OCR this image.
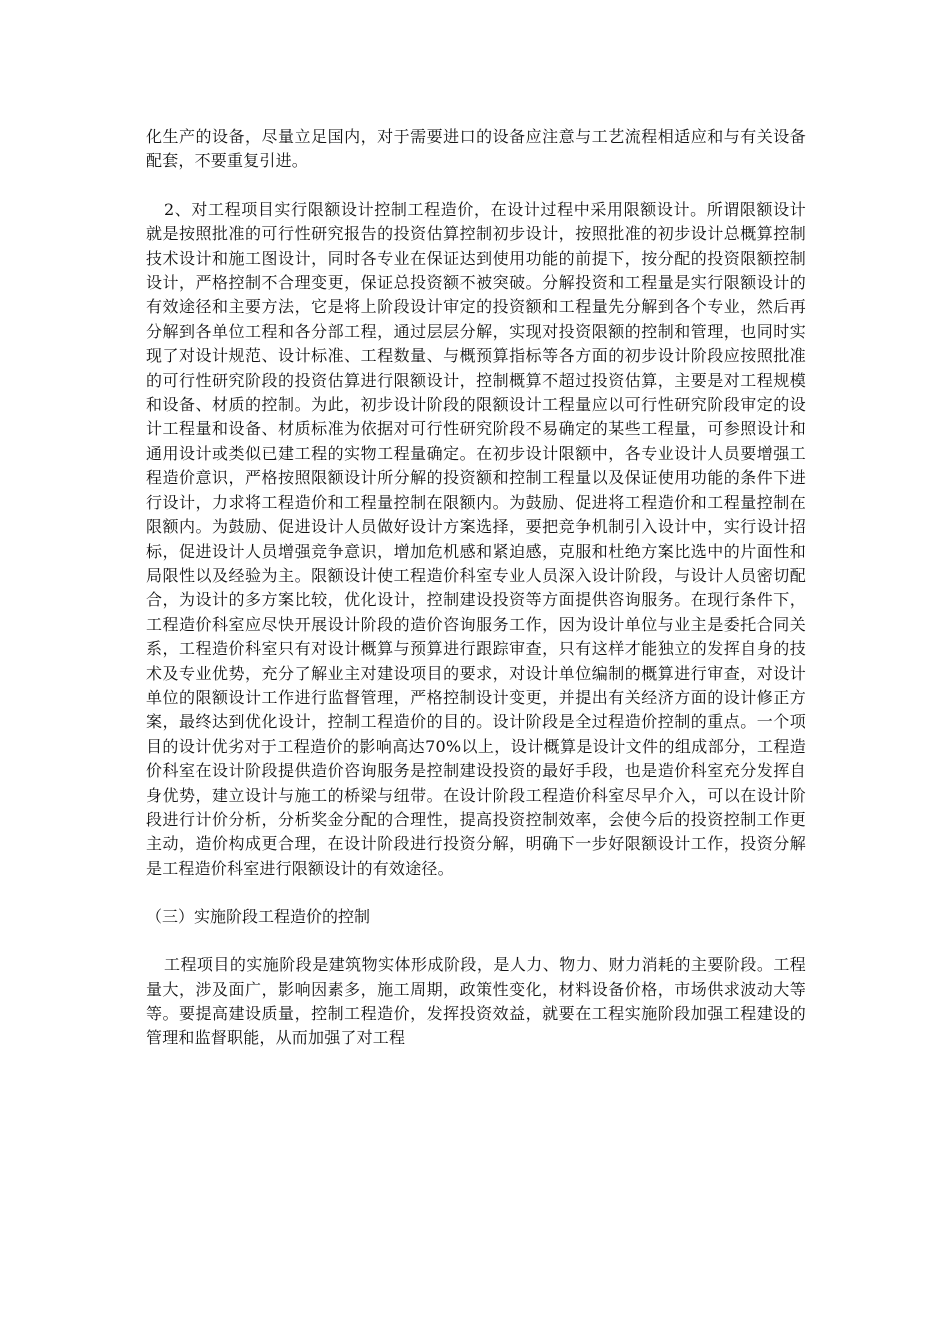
化生产的设备，尽量立足国内，对于需要进口的设备应注意与工艺流程相适应和与有关设备配套，不要重复引进。

2、对工程项目实行限额设计控制工程造价，在设计过程中采用限额设计。所谓限额设计就是按照批准的可行性研究报告的投资估算控制初步设计，按照批准的初步设计总概算控制技术设计和施工图设计，同时各专业在保证达到使用功能的前提下，按分配的投资限额控制设计，严格控制不合理变更，保证总投资额不被突破。分解投资和工程量是实行限额设计的有效途径和主要方法，它是将上阶段设计审定的投资额和工程量先分解到各个专业，然后再分解到各单位工程和各分部工程，通过层层分解，实现对投资限额的控制和管理，也同时实现了对设计规范、设计标准、工程数量、与概预算指标等各方面的初步设计阶段应按照批准的可行性研究阶段的投资估算进行限额设计，控制概算不超过投资估算，主要是对工程规模和设备、材质的控制。为此，初步设计阶段的限额设计工程量应以可行性研究阶段审定的设计工程量和设备、材质标准为依据对可行性研究阶段不易确定的某些工程量，可参照设计和通用设计或类似已建工程的实物工程量确定。在初步设计限额中，各专业设计人员要增强工程造价意识，严格按照限额设计所分解的投资额和控制工程量以及保证使用功能的条件下进行设计，力求将工程造价和工程量控制在限额内。为鼓励、促进将工程造价和工程量控制在限额内。为鼓励、促进设计人员做好设计方案选择，要把竞争机制引入设计中，实行设计招标，促进设计人员增强竞争意识，增加危机感和紧迫感，克服和杜绝方案比选中的片面性和局限性以及经验为主。限额设计使工程造价科室专业人员深入设计阶段，与设计人员密切配合，为设计的多方案比较，优化设计，控制建设投资等方面提供咨询服务。在现行条件下，工程造价科室应尽快开展设计阶段的造价咨询服务工作，因为设计单位与业主是委托合同关系，工程造价科室只有对设计概算与预算进行跟踪审查，只有这样才能独立的发挥自身的技术及专业优势，充分了解业主对建设项目的要求，对设计单位编制的概算进行审查，对设计单位的限额设计工作进行监督管理，严格控制设计变更，并提出有关经济方面的设计修正方案，最终达到优化设计，控制工程造价的目的。设计阶段是全过程造价控制的重点。一个项目的设计优劣对于工程造价的影响高达70%以上，设计概算是设计文件的组成部分，工程造价科室在设计阶段提供造价咨询服务是控制建设投资的最好手段，也是造价科室充分发挥自身优势，建立设计与施工的桥梁与纽带。在设计阶段工程造价科室尽早介入，可以在设计阶段进行计价分析，分析奖金分配的合理性，提高投资控制效率，会使今后的投资控制工作更主动，造价构成更合理，在设计阶段进行投资分解，明确下一步好限额设计工作，投资分解是工程造价科室进行限额设计的有效途径。

（三）实施阶段工程造价的控制

工程项目的实施阶段是建筑物实体形成阶段，是人力、物力、财力消耗的主要阶段。工程量大，涉及面广，影响因素多，施工周期，政策性变化，材料设备价格，市场供求波动大等等。要提高建设质量，控制工程造价，发挥投资效益，就要在工程实施阶段加强工程建设的管理和监督职能，从而加强了对工程
